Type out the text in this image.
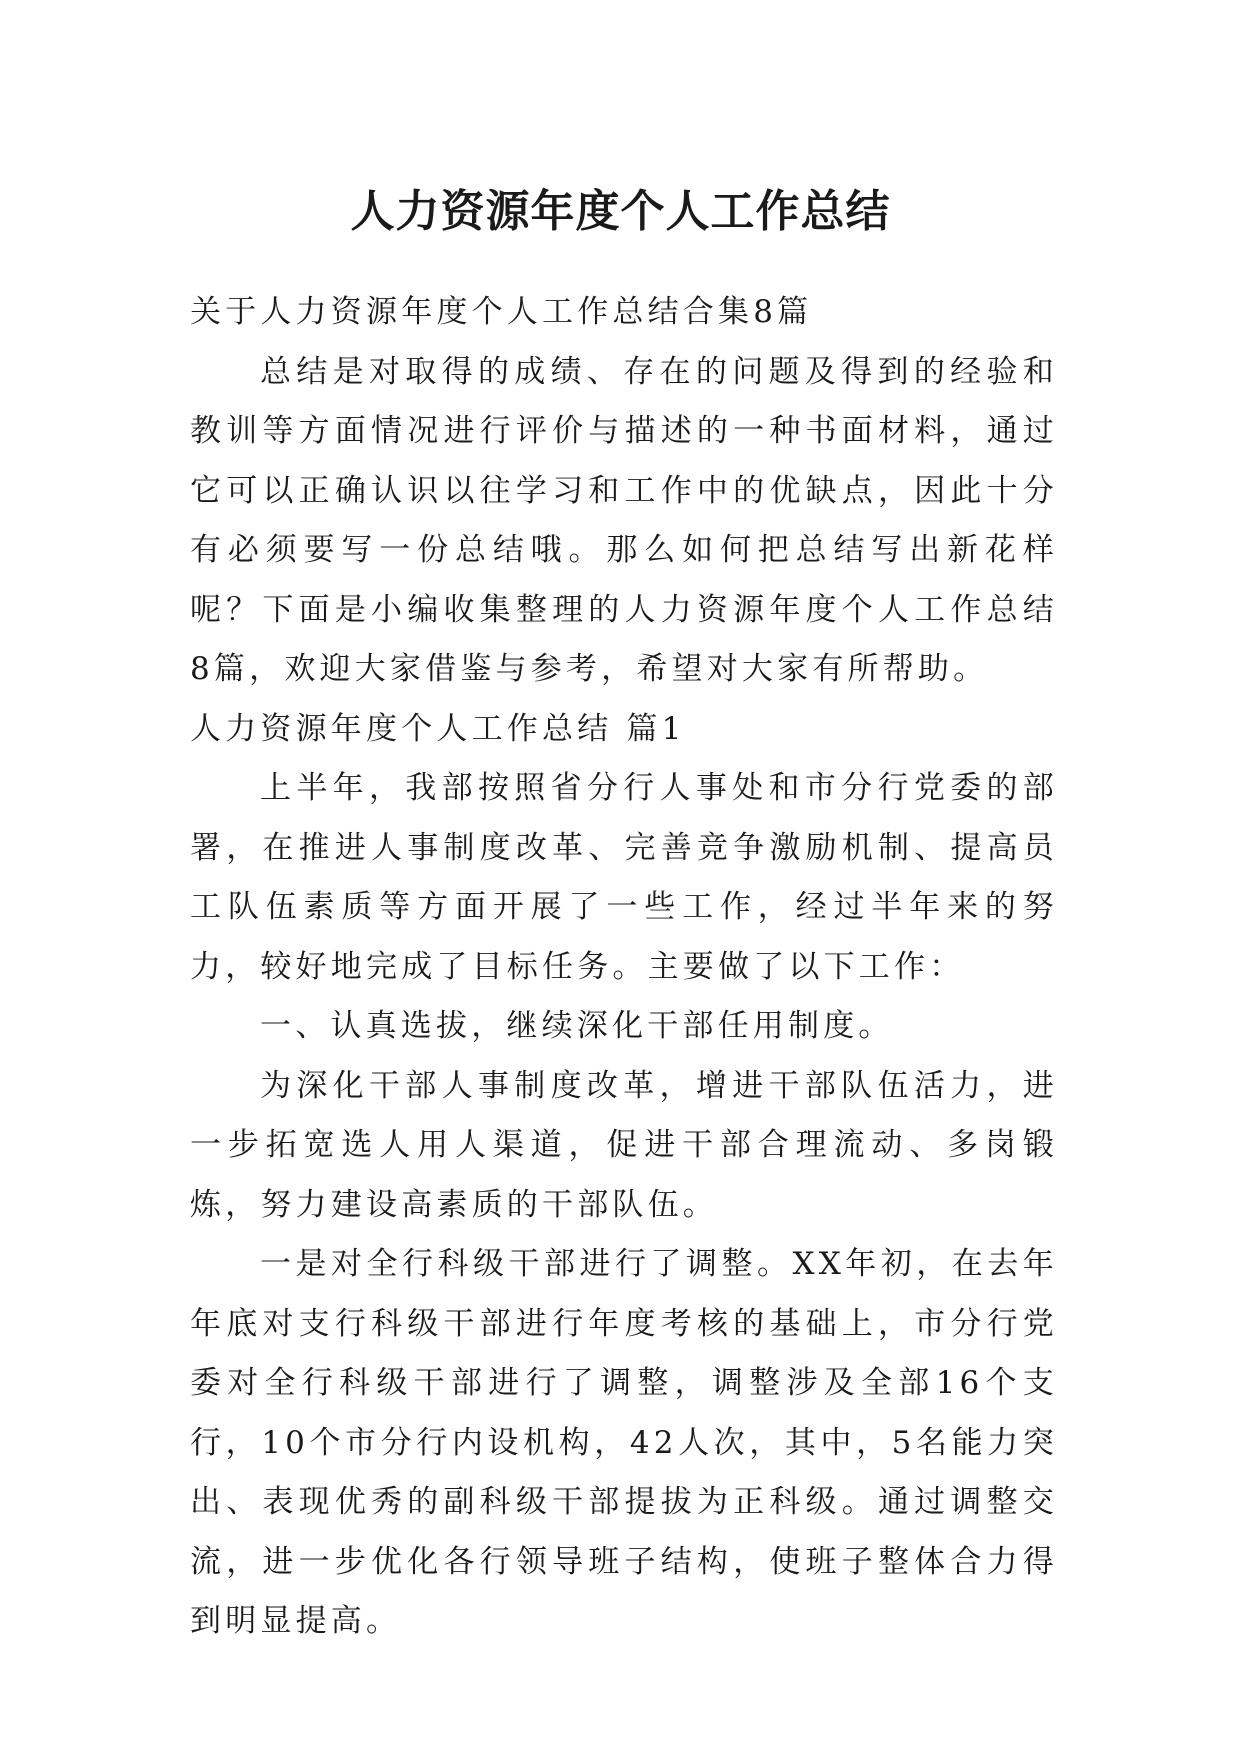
人力资源年度个人工作总结

关于人力资源年度个人工作总结合集8篇

总结是对取得的成绩、存在的问题及得到的经验和教训等方面情况进行评价与描述的一种书面材料，通过它可以正确认识以往学习和工作中的优缺点，因此十分有必须要写一份总结哦。那么如何把总结写出新花样呢？下面是小编收集整理的人力资源年度个人工作总结8篇，欢迎大家借鉴与参考，希望对大家有所帮助。

人力资源年度个人工作总结 篇1

上半年，我部按照省分行人事处和市分行党委的部署，在推进人事制度改革、完善竞争激励机制、提高员工队伍素质等方面开展了一些工作，经过半年来的努力，较好地完成了目标任务。主要做了以下工作：

一、认真选拔，继续深化干部任用制度。

为深化干部人事制度改革，增进干部队伍活力，进一步拓宽选人用人渠道，促进干部合理流动、多岗锻炼，努力建设高素质的干部队伍。

一是对全行科级干部进行了调整。XX年初，在去年年底对支行科级干部进行年度考核的基础上，市分行党委对全行科级干部进行了调整，调整涉及全部16个支行，10个市分行内设机构，42人次，其中，5名能力突出、表现优秀的副科级干部提拔为正科级。通过调整交流，进一步优化各行领导班子结构，使班子整体合力得到明显提高。
